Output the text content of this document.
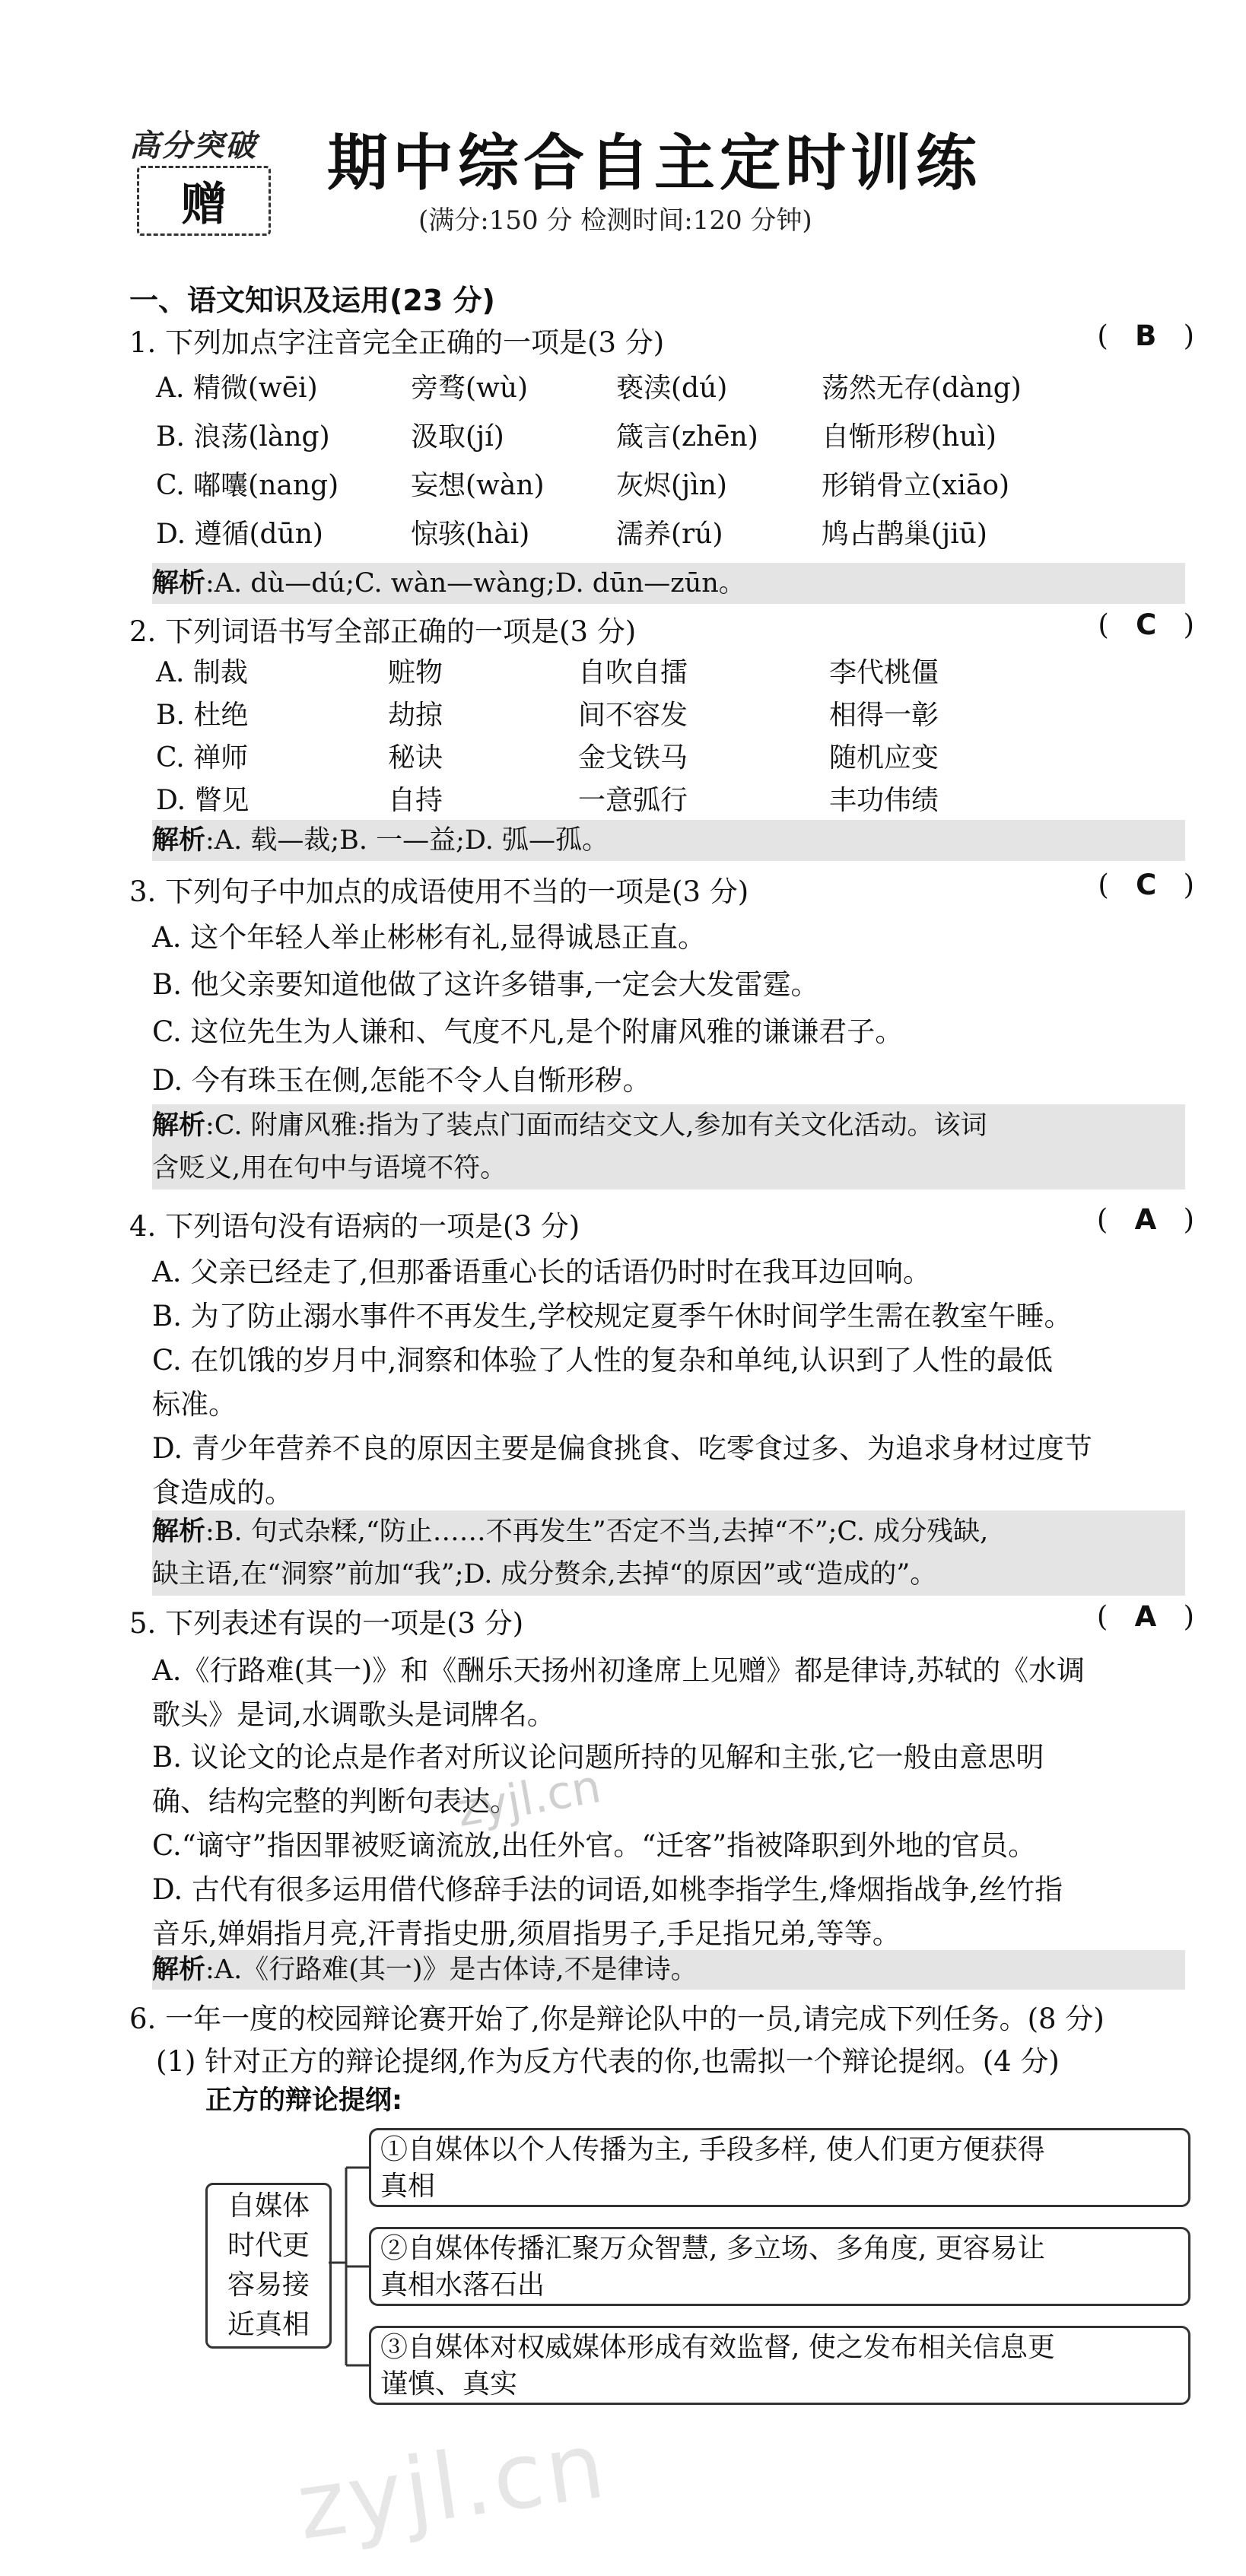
高分突破
赠
期中综合自主定时训练
(满分:150 分 检测时间:120 分钟)
一、语文知识及运用(23 分)
1. 下列加点字注音完全正确的一项是(3 分)	(   B   )
A. 精微(wēi)	旁骛(wù)	亵渎(dú)	荡然无存(dàng)
B. 浪荡(làng)	汲取(jí)	箴言(zhēn) 自惭形秽(huì)
C. 嘟囔(nang)	妄想(wàn)	灰烬(jìn)	形销骨立(xiāo)
D. 遵循(dūn)	惊骇(hài)	濡养(rú)	鸠占鹊巢(jiū)
解析:A. dù—dú;C. wàn—wàng;D. dūn—zūn。
2. 下列词语书写全部正确的一项是(3 分)	(   C   )
A. 制裁	赃物	自吹自擂	李代桃僵
B. 杜绝	劫掠	间不容发	相得一彰
C. 禅师	秘诀	金戈铁马	随机应变
D. 瞥见	自持	一意弧行	丰功伟绩
解析:A. 载—裁;B. 一—益;D. 弧—孤。
3. 下列句子中加点的成语使用不当的一项是(3 分)	(   C   )
A. 这个年轻人举止彬彬有礼,显得诚恳正直。
B. 他父亲要知道他做了这许多错事,一定会大发雷霆。
C. 这位先生为人谦和、气度不凡,是个附庸风雅的谦谦君子。
D. 今有珠玉在侧,怎能不令人自惭形秽。
解析:C. 附庸风雅:指为了装点门面而结交文人,参加有关文化活动。该词
含贬义,用在句中与语境不符。
4. 下列语句没有语病的一项是(3 分)	(   A   )
A. 父亲已经走了,但那番语重心长的话语仍时时在我耳边回响。
B. 为了防止溺水事件不再发生,学校规定夏季午休时间学生需在教室午睡。
C. 在饥饿的岁月中,洞察和体验了人性的复杂和单纯,认识到了人性的最低
标准。
D. 青少年营养不良的原因主要是偏食挑食、吃零食过多、为追求身材过度节
食造成的。
解析:B. 句式杂糅,“防止……不再发生”否定不当,去掉“不”;C. 成分残缺,
缺主语,在“洞察”前加“我”;D. 成分赘余,去掉“的原因”或“造成的”。
5. 下列表述有误的一项是(3 分)	(   A   )
A.《行路难(其一)》和《酬乐天扬州初逢席上见赠》都是律诗,苏轼的《水调
歌头》是词,水调歌头是词牌名。
B. 议论文的论点是作者对所议论问题所持的见解和主张,它一般由意思明
确、结构完整的判断句表达。
C.“谪守”指因罪被贬谪流放,出任外官。“迁客”指被降职到外地的官员。
D. 古代有很多运用借代修辞手法的词语,如桃李指学生,烽烟指战争,丝竹指
音乐,婵娟指月亮,汗青指史册,须眉指男子,手足指兄弟,等等。
解析:A.《行路难(其一)》是古体诗,不是律诗。
6. 一年一度的校园辩论赛开始了,你是辩论队中的一员,请完成下列任务。(8 分)
(1) 针对正方的辩论提纲,作为反方代表的你,也需拟一个辩论提纲。(4 分)
正方的辩论提纲:
自媒体
时代更
容易接
近真相
①自媒体以个人传播为主, 手段多样, 使人们更方便获得
真相
②自媒体传播汇聚万众智慧, 多立场、多角度, 更容易让
真相水落石出
③自媒体对权威媒体形成有效监督, 使之发布相关信息更
谨慎、真实
zyjl.cn
zyjl.cn
